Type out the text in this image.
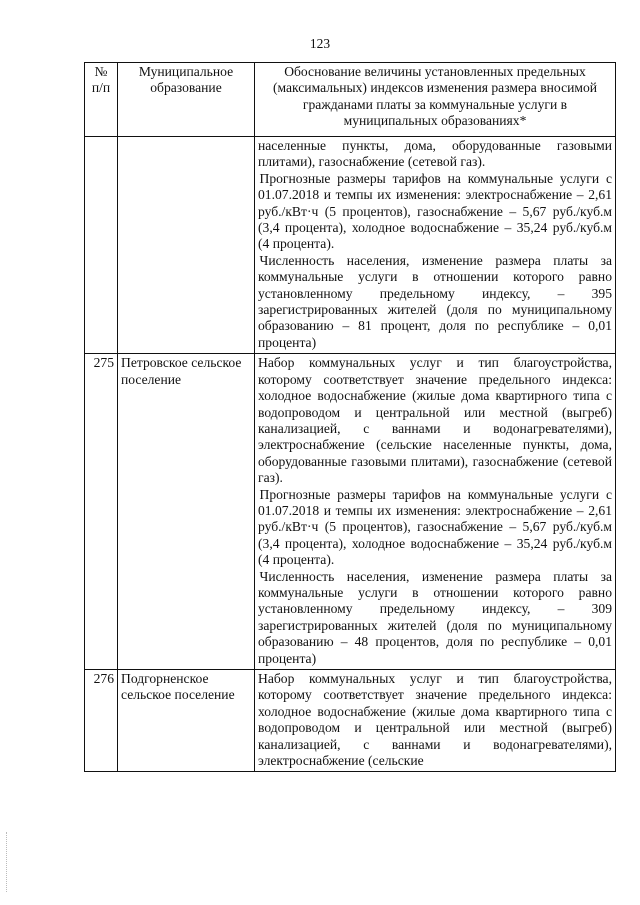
123
№ п/п	Муниципальное образование	Обоснование величины установленных предельных (максимальных) индексов изменения размера вносимой гражданами платы за коммунальные услуги в муниципальных образованиях*

		населенные пункты, дома, оборудованные газовыми плитами), газоснабжение (сетевой газ).

Прогнозные размеры тарифов на коммунальные услуги с 01.07.2018 и темпы их изменения: электроснабжение – 2,61 руб./кВт·ч (5 процентов), газоснабжение – 5,67 руб./куб.м (3,4 процента), холодное водоснабжение – 35,24 руб./куб.м (4 процента).

Численность населения, изменение размера платы за коммунальные услуги в отношении которого равно установленному предельному индексу, – 395 зарегистрированных жителей (доля по муниципальному образованию – 81 процент, доля по республике – 0,01 процента)

275	Петровское сельское поселение	Набор коммунальных услуг и тип благоустройства, которому соответствует значение предельного индекса: холодное водоснабжение (жилые дома квартирного типа с водопроводом и центральной или местной (выгреб) канализацией, с ваннами и водонагревателями), электроснабжение (сельские населенные пункты, дома, оборудованные газовыми плитами), газоснабжение (сетевой газ).

Прогнозные размеры тарифов на коммунальные услуги с 01.07.2018 и темпы их изменения: электроснабжение – 2,61 руб./кВт·ч (5 процентов), газоснабжение – 5,67 руб./куб.м (3,4 процента), холодное водоснабжение – 35,24 руб./куб.м (4 процента).

Численность населения, изменение размера платы за коммунальные услуги в отношении которого равно установленному предельному индексу, – 309 зарегистрированных жителей (доля по муниципальному образованию – 48 процентов, доля по республике – 0,01 процента)

276	Подгорненское сельское поселение	Набор коммунальных услуг и тип благоустройства, которому соответствует значение предельного индекса: холодное водоснабжение (жилые дома квартирного типа с водопроводом и центральной или местной (выгреб) канализацией, с ваннами и водонагревателями), электроснабжение (сельские
